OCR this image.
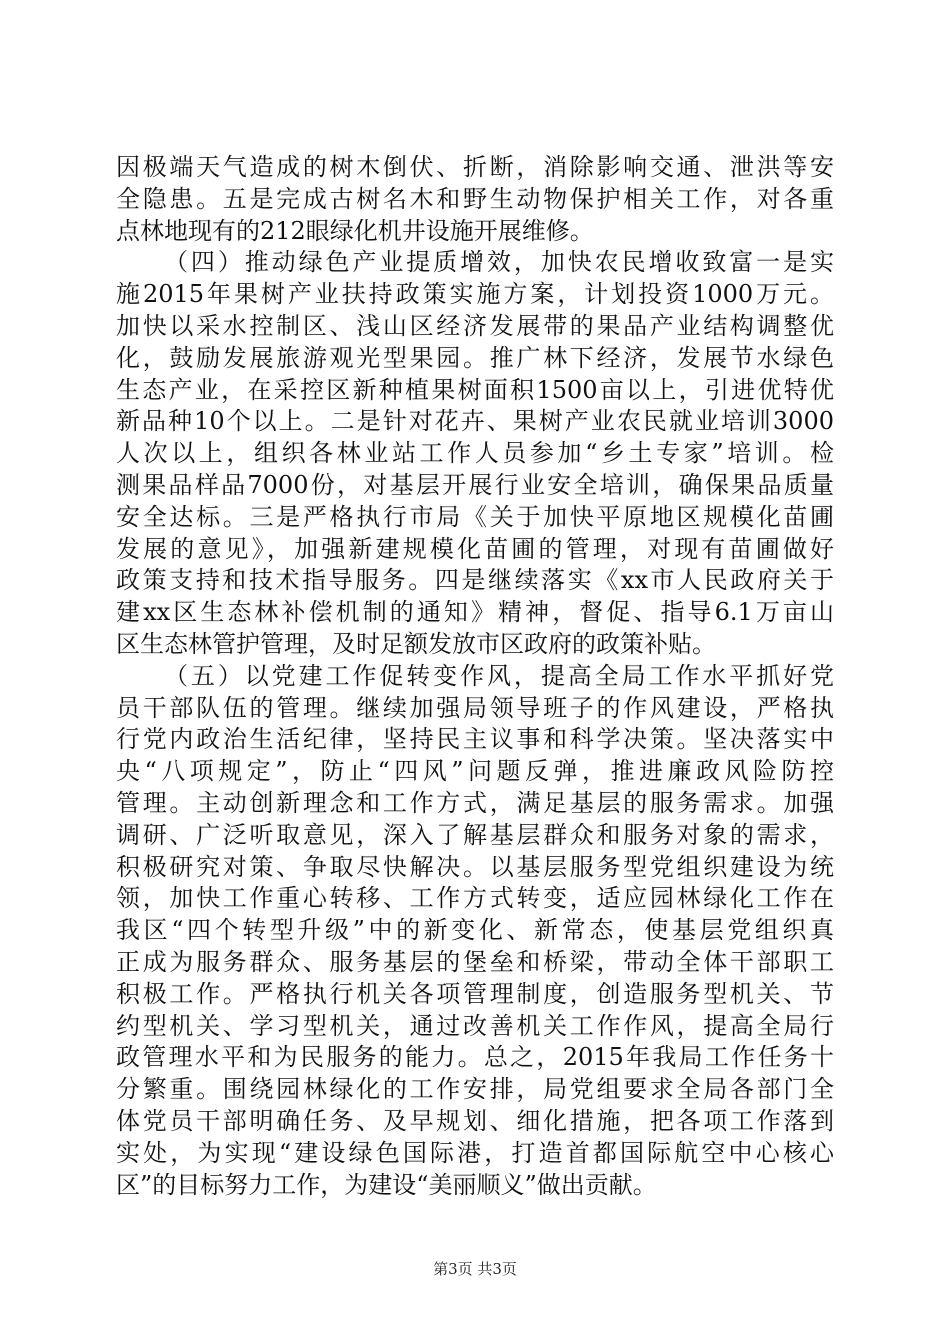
因极端天气造成的树木倒伏、折断，消除影响交通、泄洪等安
全隐患。五是完成古树名木和野生动物保护相关工作，对各重
点林地现有的212眼绿化机井设施开展维修。
（四）推动绿色产业提质增效，加快农民增收致富一是实
施2015年果树产业扶持政策实施方案，计划投资1000万元。
加快以采水控制区、浅山区经济发展带的果品产业结构调整优
化，鼓励发展旅游观光型果园。推广林下经济，发展节水绿色
生态产业，在采控区新种植果树面积1500亩以上，引进优特优
新品种10个以上。二是针对花卉、果树产业农民就业培训3000
人次以上，组织各林业站工作人员参加“乡土专家”培训。检
测果品样品7000份，对基层开展行业安全培训，确保果品质量
安全达标。三是严格执行市局《关于加快平原地区规模化苗圃
发展的意见》，加强新建规模化苗圃的管理，对现有苗圃做好
政策支持和技术指导服务。四是继续落实《xx市人民政府关于
建xx区生态林补偿机制的通知》精神，督促、指导6.1万亩山
区生态林管护管理，及时足额发放市区政府的政策补贴。
（五）以党建工作促转变作风，提高全局工作水平抓好党
员干部队伍的管理。继续加强局领导班子的作风建设，严格执
行党内政治生活纪律，坚持民主议事和科学决策。坚决落实中
央“八项规定”，防止“四风”问题反弹，推进廉政风险防控
管理。主动创新理念和工作方式，满足基层的服务需求。加强
调研、广泛听取意见，深入了解基层群众和服务对象的需求，
积极研究对策、争取尽快解决。以基层服务型党组织建设为统
领，加快工作重心转移、工作方式转变，适应园林绿化工作在
我区“四个转型升级”中的新变化、新常态，使基层党组织真
正成为服务群众、服务基层的堡垒和桥梁，带动全体干部职工
积极工作。严格执行机关各项管理制度，创造服务型机关、节
约型机关、学习型机关，通过改善机关工作作风，提高全局行
政管理水平和为民服务的能力。总之，2015年我局工作任务十
分繁重。围绕园林绿化的工作安排，局党组要求全局各部门全
体党员干部明确任务、及早规划、细化措施，把各项工作落到
实处，为实现“建设绿色国际港，打造首都国际航空中心核心
区”的目标努力工作，为建设“美丽顺义”做出贡献。
第3页 共3页
